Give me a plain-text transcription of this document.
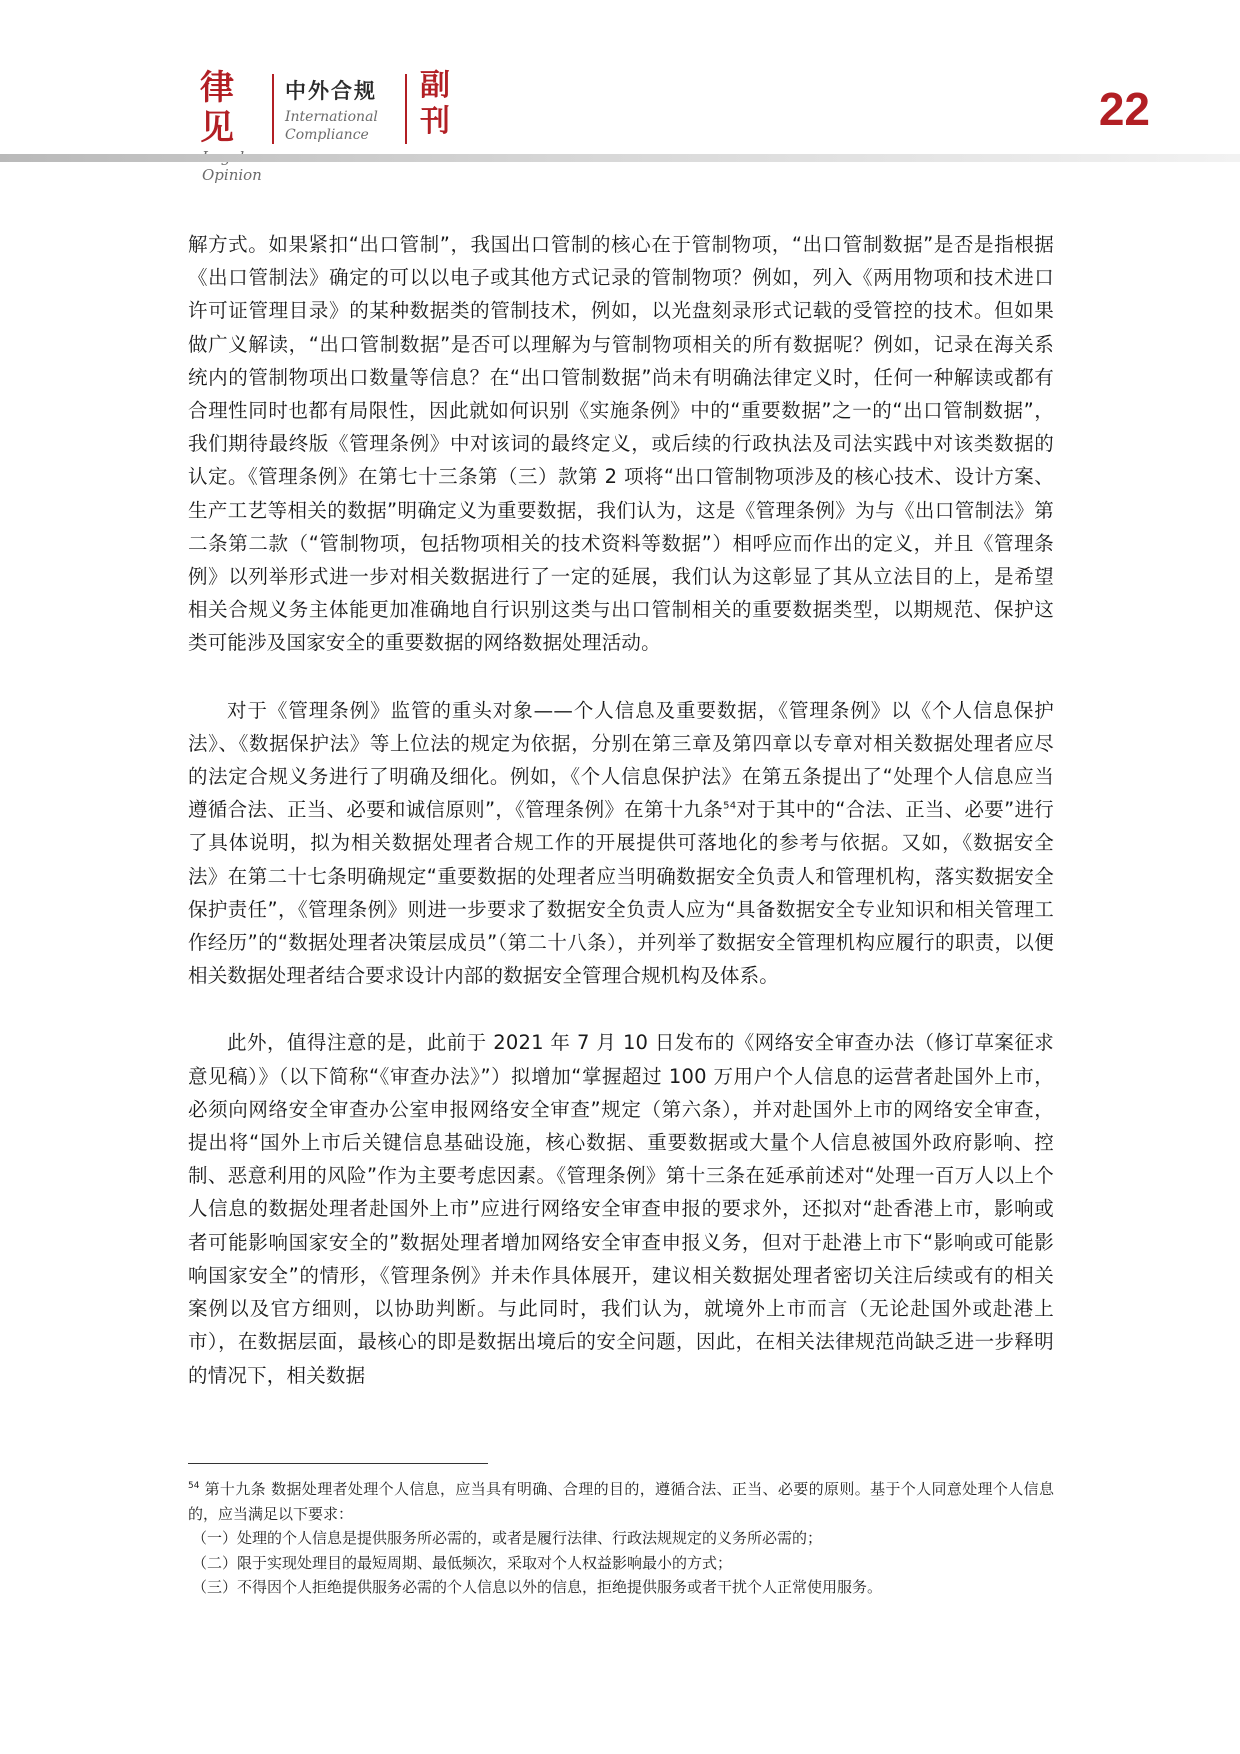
律见
Opinion
中外合规
International
Compliance
副
刊	22

解方式。如果紧扣“出口管制”，我国出口管制的核心在于管制物项，“出口管制数据”是否是指根据《出口管制法》确定的可以以电子或其他方式记录的管制物项？例如，列入《两用物项和技术进口许可证管理目录》的某种数据类的管制技术，例如，以光盘刻录形式记载的受管控的技术。但如果做广义解读，“出口管制数据”是否可以理解为与管制物项相关的所有数据呢？例如，记录在海关系统内的管制物项出口数量等信息？在“出口管制数据”尚未有明确法律定义时，任何一种解读或都有合理性同时也都有局限性，因此就如何识别《实施条例》中的“重要数据”之一的“出口管制数据”，我们期待最终版《管理条例》中对该词的最终定义，或后续的行政执法及司法实践中对该类数据的认定。《管理条例》在第七十三条第（三）款第 2 项将“出口管制物项涉及的核心技术、设计方案、生产工艺等相关的数据”明确定义为重要数据，我们认为，这是《管理条例》为与《出口管制法》第二条第二款（“管制物项，包括物项相关的技术资料等数据”）相呼应而作出的定义，并且《管理条例》以列举形式进一步对相关数据进行了一定的延展，我们认为这彰显了其从立法目的上，是希望相关合规义务主体能更加准确地自行识别这类与出口管制相关的重要数据类型，以期规范、保护这类可能涉及国家安全的重要数据的网络数据处理活动。

对于《管理条例》监管的重头对象——个人信息及重要数据，《管理条例》以《个人信息保护法》、《数据保护法》等上位法的规定为依据，分别在第三章及第四章以专章对相关数据处理者应尽的法定合规义务进行了明确及细化。例如，《个人信息保护法》在第五条提出了“处理个人信息应当遵循合法、正当、必要和诚信原则”，《管理条例》在第十九条$^{54}$对于其中的“合法、正当、必要”进行了具体说明，拟为相关数据处理者合规工作的开展提供可落地化的参考与依据。又如，《数据安全法》在第二十七条明确规定“重要数据的处理者应当明确数据安全负责人和管理机构，落实数据安全保护责任”，《管理条例》则进一步要求了数据安全负责人应为“具备数据安全专业知识和相关管理工作经历”的“数据处理者决策层成员”（第二十八条），并列举了数据安全管理机构应履行的职责，以便相关数据处理者结合要求设计内部的数据安全管理合规机构及体系。

此外，值得注意的是，此前于 2021 年 7 月 10 日发布的《网络安全审查办法（修订草案征求意见稿）》（以下简称“《审查办法》”）拟增加“掌握超过 100 万用户个人信息的运营者赴国外上市，必须向网络安全审查办公室申报网络安全审查”规定（第六条），并对赴国外上市的网络安全审查，提出将“国外上市后关键信息基础设施，核心数据、重要数据或大量个人信息被国外政府影响、控制、恶意利用的风险”作为主要考虑因素。《管理条例》第十三条在延承前述对“处理一百万人以上个人信息的数据处理者赴国外上市”应进行网络安全审查申报的要求外，还拟对“赴香港上市，影响或者可能影响国家安全的”数据处理者增加网络安全审查申报义务，但对于赴港上市下“影响或可能影响国家安全”的情形，《管理条例》并未作具体展开，建议相关数据处理者密切关注后续或有的相关案例以及官方细则，以协助判断。与此同时，我们认为，就境外上市而言（无论赴国外或赴港上市），在数据层面，最核心的即是数据出境后的安全问题，因此，在相关法律规范尚缺乏进一步释明的情况下，相关数据

$^{54}$ 第十九条 数据处理者处理个人信息，应当具有明确、合理的目的，遵循合法、正当、必要的原则。基于个人同意处理个人信息的，应当满足以下要求：

（一）处理的个人信息是提供服务所必需的，或者是履行法律、行政法规规定的义务所必需的；

（二）限于实现处理目的最短周期、最低频次，采取对个人权益影响最小的方式；

（三）不得因个人拒绝提供服务必需的个人信息以外的信息，拒绝提供服务或者干扰个人正常使用服务。
